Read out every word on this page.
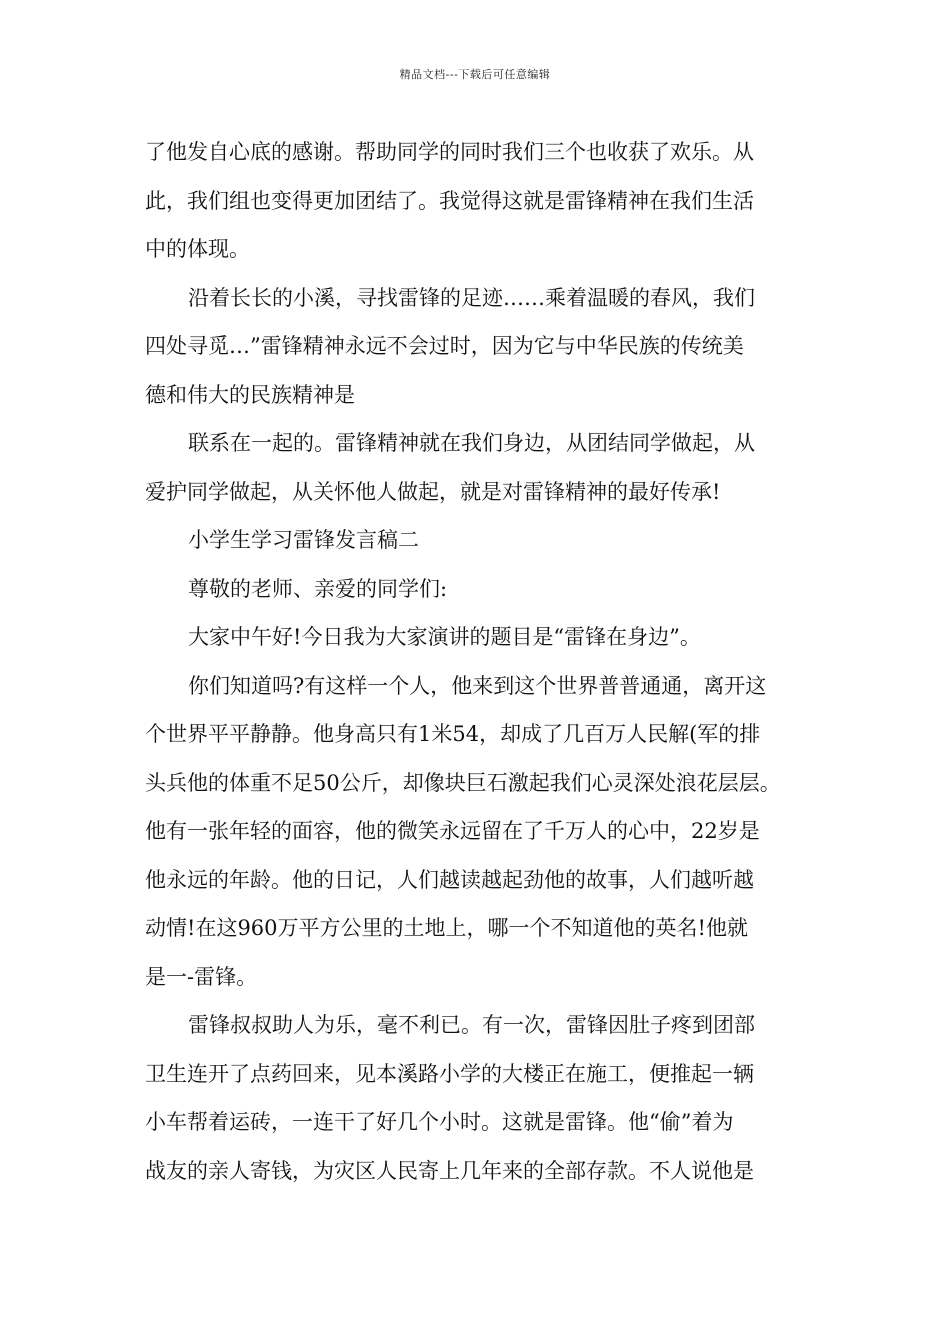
精品文档---下载后可任意编辑
了他发自心底的感谢。帮助同学的同时我们三个也收获了欢乐。从
此，我们组也变得更加团结了。我觉得这就是雷锋精神在我们生活
中的体现。
沿着长长的小溪，寻找雷锋的足迹……乘着温暖的春风，我们
四处寻觅…”雷锋精神永远不会过时，因为它与中华民族的传统美
德和伟大的民族精神是
联系在一起的。雷锋精神就在我们身边，从团结同学做起，从
爱护同学做起，从关怀他人做起，就是对雷锋精神的最好传承!
小学生学习雷锋发言稿二
尊敬的老师、亲爱的同学们:
大家中午好!今日我为大家演讲的题目是“雷锋在身边”。
你们知道吗?有这样一个人，他来到这个世界普普通通，离开这
个世界平平静静。他身高只有1米54，却成了几百万人民解(军的排
头兵他的体重不足50公斤，却像块巨石激起我们心灵深处浪花层层。
他有一张年轻的面容，他的微笑永远留在了千万人的心中，22岁是
他永远的年龄。他的日记，人们越读越起劲他的故事，人们越听越
动情!在这960万平方公里的土地上，哪一个不知道他的英名!他就
是一-雷锋。
雷锋叔叔助人为乐，毫不利已。有一次，雷锋因肚子疼到团部
卫生连开了点药回来，见本溪路小学的大楼正在施工，便推起一辆
小车帮着运砖，一连干了好几个小时。这就是雷锋。他“偷”着为
战友的亲人寄钱，为灾区人民寄上几年来的全部存款。不人说他是
